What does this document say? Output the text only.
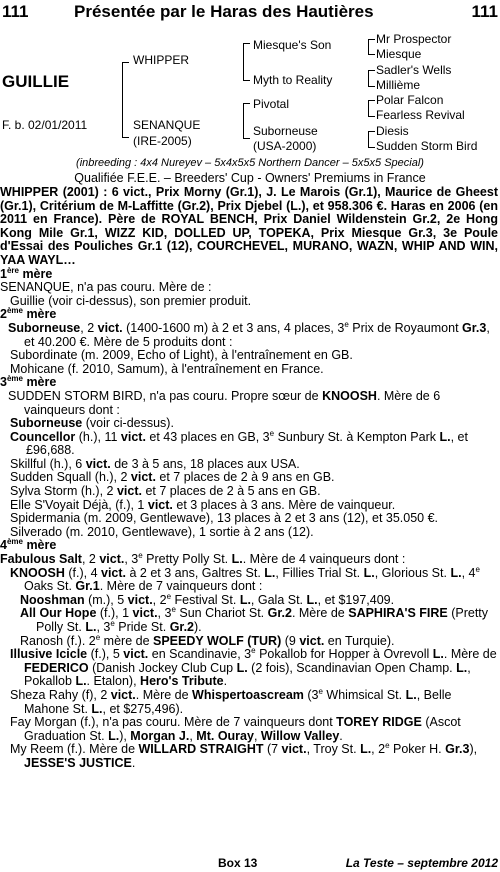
111	Présentée par le Haras des Hautières	111
GUILLIE
F. b. 02/01/2011
WHIPPER
SENANQUE
(IRE-2005)
Miesque's Son
Myth to Reality
Pivotal
Suborneuse
(USA-2000)
Mr Prospector
Miesque
Sadler's Wells
Millième
Polar Falcon
Fearless Revival
Diesis
Sudden Storm Bird
(inbreeding : 4x4 Nureyev – 5x4x5x5 Northern Dancer – 5x5x5 Special)
Qualifiée F.E.E. – Breeders' Cup - Owners' Premiums in France

WHIPPER (2001) : 6 vict., Prix Morny (Gr.1), J. Le Marois (Gr.1), Maurice de Gheest (Gr.1), Critérium de M-Laffitte (Gr.2), Prix Djebel (L.), et 958.306 €. Haras en 2006 (en 2011 en France). Père de ROYAL BENCH, Prix Daniel Wildenstein Gr.2, 2e Hong Kong Mile Gr.1, WIZZ KID, DOLLED UP, TOPEKA, Prix Miesque Gr.3, 3e Poule d'Essai des Pouliches Gr.1 (12), COURCHEVEL, MURANO, WAZN, WHIP AND WIN, YAA WAYL…

1ère mère

SENANQUE, n'a pas couru. Mère de :

Guillie (voir ci-dessus), son premier produit.

2ème mère

Suborneuse, 2 vict. (1400-1600 m) à 2 et 3 ans, 4 places, 3e Prix de Royaumont Gr.3, et 40.200 €. Mère de 5 produits dont :

Subordinate (m. 2009, Echo of Light), à l'entraînement en GB.

Mohicane (f. 2010, Samum), à l'entraînement en France.

3ème mère

SUDDEN STORM BIRD, n'a pas couru. Propre sœur de KNOOSH. Mère de 6 vainqueurs dont :

Suborneuse (voir ci-dessus).

Councellor (h.), 11 vict. et 43 places en GB, 3e Sunbury St. à Kempton Park L., et £96,688.

Skillful (h.), 6 vict. de 3 à 5 ans, 18 places aux USA.

Sudden Squall (h.), 2 vict. et 7 places de 2 à 9 ans en GB.

Sylva Storm (h.), 2 vict. et 7 places de 2 à 5 ans en GB.

Elle S'Voyait Déjà, (f.), 1 vict. et 3 places à 3 ans. Mère de vainqueur.

Spidermania (m. 2009, Gentlewave), 13 places à 2 et 3 ans (12), et 35.050 €.

Silverado (m. 2010, Gentlewave), 1 sortie à 2 ans (12).

4ème mère

Fabulous Salt, 2 vict., 3e Pretty Polly St. L.. Mère de 4 vainqueurs dont :

KNOOSH (f.), 4 vict. à 2 et 3 ans, Galtres St. L., Fillies Trial St. L., Glorious St. L., 4e Oaks St. Gr.1. Mère de 7 vainqueurs dont :

Nooshman (m.), 5 vict., 2e Festival St. L., Gala St. L., et $197,409.

All Our Hope (f.), 1 vict., 3e Sun Chariot St. Gr.2. Mère de SAPHIRA'S FIRE (Pretty Polly St. L., 3e Pride St. Gr.2).

Ranosh (f.). 2e mère de SPEEDY WOLF (TUR) (9 vict. en Turquie).

Illusive Icicle (f.), 5 vict. en Scandinavie, 3e Pokallob for Hopper à Ovrevoll L.. Mère de FEDERICO (Danish Jockey Club Cup L. (2 fois), Scandinavian Open Champ. L., Pokallob L.. Etalon), Hero's Tribute.

Sheza Rahy (f), 2 vict.. Mère de Whispertoascream (3e Whimsical St. L., Belle Mahone St. L., et $275,496).

Fay Morgan (f.), n'a pas couru. Mère de 7 vainqueurs dont TOREY RIDGE (Ascot Graduation St. L.), Morgan J., Mt. Ouray, Willow Valley.

My Reem (f.). Mère de WILLARD STRAIGHT (7 vict., Troy St. L., 2e Poker H. Gr.3), JESSE'S JUSTICE.

Box 13	La Teste – septembre 2012
